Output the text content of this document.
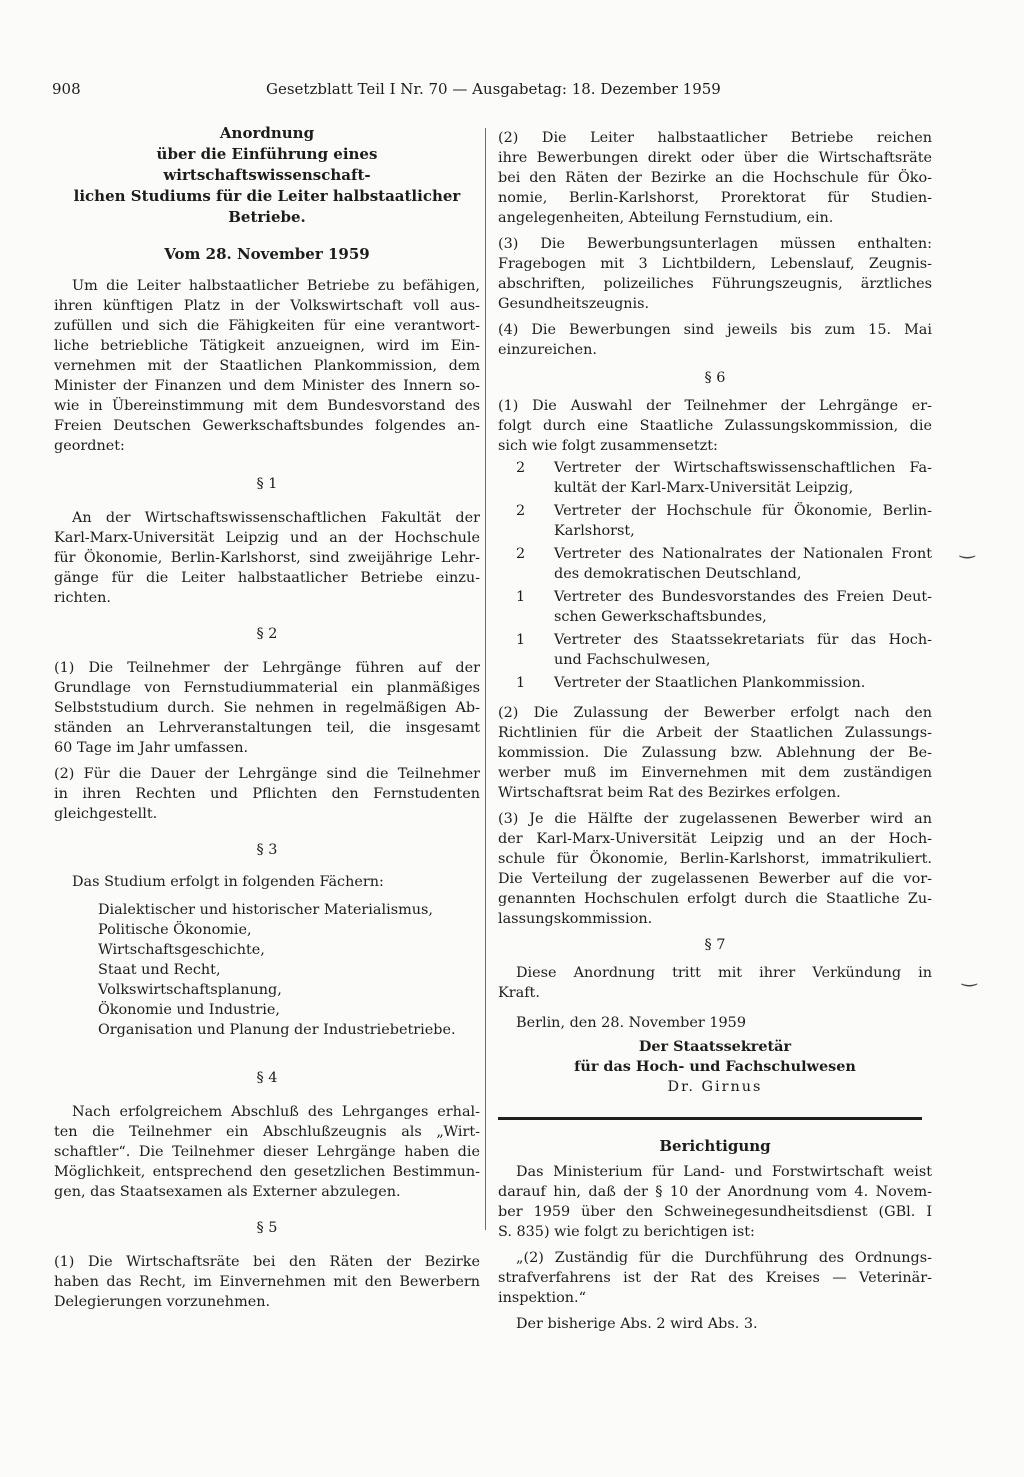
908	Gesetzblatt Teil I Nr. 70 — Ausgabetag: 18. Dezember 1959
Anordnung
über die Einführung eines wirtschaftswissenschaft-
lichen Studiums für die Leiter halbstaatlicher
Betriebe.
Vom 28. November 1959
Um die Leiter halbstaatlicher Betriebe zu befähigen,
ihren künftigen Platz in der Volkswirtschaft voll aus-
zufüllen und sich die Fähigkeiten für eine verantwort-
liche betriebliche Tätigkeit anzueignen, wird im Ein-
vernehmen mit der Staatlichen Plankommission, dem
Minister der Finanzen und dem Minister des Innern so-
wie in Übereinstimmung mit dem Bundesvorstand des
Freien Deutschen Gewerkschaftsbundes folgendes an-
geordnet:
§ 1
An der Wirtschaftswissenschaftlichen Fakultät der
Karl-Marx-Universität Leipzig und an der Hochschule
für Ökonomie, Berlin-Karlshorst, sind zweijährige Lehr-
gänge für die Leiter halbstaatlicher Betriebe einzu-
richten.
§ 2
(1) Die Teilnehmer der Lehrgänge führen auf der
Grundlage von Fernstudiummaterial ein planmäßiges
Selbststudium durch. Sie nehmen in regelmäßigen Ab-
ständen an Lehrveranstaltungen teil, die insgesamt
60 Tage im Jahr umfassen.
(2) Für die Dauer der Lehrgänge sind die Teilnehmer
in ihren Rechten und Pflichten den Fernstudenten
gleichgestellt.
§ 3
Das Studium erfolgt in folgenden Fächern:
Dialektischer und historischer Materialismus,
Politische Ökonomie,
Wirtschaftsgeschichte,
Staat und Recht,
Volkswirtschaftsplanung,
Ökonomie und Industrie,
Organisation und Planung der Industriebetriebe.
§ 4
Nach erfolgreichem Abschluß des Lehrganges erhal-
ten die Teilnehmer ein Abschlußzeugnis als „Wirt-
schaftler“. Die Teilnehmer dieser Lehrgänge haben die
Möglichkeit, entsprechend den gesetzlichen Bestimmun-
gen, das Staatsexamen als Externer abzulegen.
§ 5
(1) Die Wirtschaftsräte bei den Räten der Bezirke
haben das Recht, im Einvernehmen mit den Bewerbern
Delegierungen vorzunehmen.
(2) Die Leiter halbstaatlicher Betriebe reichen
ihre Bewerbungen direkt oder über die Wirtschaftsräte
bei den Räten der Bezirke an die Hochschule für Öko-
nomie, Berlin-Karlshorst, Prorektorat für Studien-
angelegenheiten, Abteilung Fernstudium, ein.
(3) Die Bewerbungsunterlagen müssen enthalten:
Fragebogen mit 3 Lichtbildern, Lebenslauf, Zeugnis-
abschriften, polizeiliches Führungszeugnis, ärztliches
Gesundheitszeugnis.
(4) Die Bewerbungen sind jeweils bis zum 15. Mai
einzureichen.
§ 6
(1) Die Auswahl der Teilnehmer der Lehrgänge er-
folgt durch eine Staatliche Zulassungskommission, die
sich wie folgt zusammensetzt:
2	Vertreter der Wirtschaftswissenschaftlichen Fa-
kultät der Karl-Marx-Universität Leipzig,
2	Vertreter der Hochschule für Ökonomie, Berlin-
Karlshorst,
2	Vertreter des Nationalrates der Nationalen Front
des demokratischen Deutschland,
1	Vertreter des Bundesvorstandes des Freien Deut-
schen Gewerkschaftsbundes,
1	Vertreter des Staatssekretariats für das Hoch-
und Fachschulwesen,
1	Vertreter der Staatlichen Plankommission.
(2) Die Zulassung der Bewerber erfolgt nach den
Richtlinien für die Arbeit der Staatlichen Zulassungs-
kommission. Die Zulassung bzw. Ablehnung der Be-
werber muß im Einvernehmen mit dem zuständigen
Wirtschaftsrat beim Rat des Bezirkes erfolgen.
(3) Je die Hälfte der zugelassenen Bewerber wird an
der Karl-Marx-Universität Leipzig und an der Hoch-
schule für Ökonomie, Berlin-Karlshorst, immatrikuliert.
Die Verteilung der zugelassenen Bewerber auf die vor-
genannten Hochschulen erfolgt durch die Staatliche Zu-
lassungskommission.
§ 7
Diese Anordnung tritt mit ihrer Verkündung in
Kraft.
Berlin, den 28. November 1959
Der Staatssekretär
für das Hoch- und Fachschulwesen
Dr. Girnus
Berichtigung
Das Ministerium für Land- und Forstwirtschaft weist
darauf hin, daß der § 10 der Anordnung vom 4. Novem-
ber 1959 über den Schweinegesundheitsdienst (GBl. I
S. 835) wie folgt zu berichtigen ist:
„(2) Zuständig für die Durchführung des Ordnungs-
strafverfahrens ist der Rat des Kreises — Veterinär-
inspektion.“
Der bisherige Abs. 2 wird Abs. 3.
‿
‿
